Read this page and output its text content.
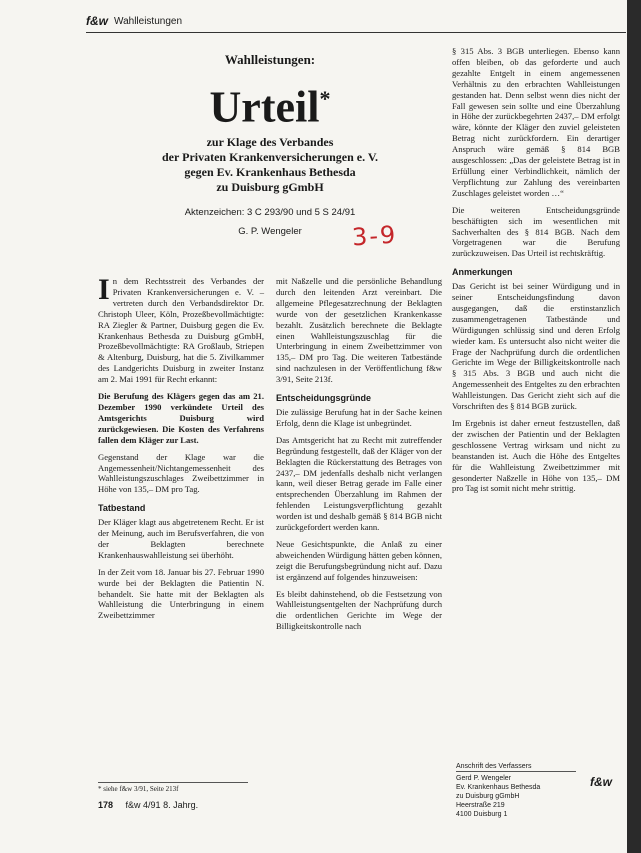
f&w Wahlleistungen
Wahlleistungen:
Urteil*
zur Klage des Verbandes
der Privaten Krankenversicherungen e. V.
gegen Ev. Krankenhaus Bethesda
zu Duisburg gGmbH
Aktenzeichen: 3 C 293/90 und 5 S 24/91
G. P. Wengeler	3-9

In dem Rechtsstreit des Verbandes der Privaten Krankenversicherungen e. V. – vertreten durch den Verbandsdirektor Dr. Christoph Uleer, Köln, Prozeßbevollmächtigte: RA Ziegler & Partner, Duisburg gegen die Ev. Krankenhaus Bethesda zu Duisburg gGmbH, Prozeßbevollmächtigte: RA Großlaub, Striepen & Altenburg, Duisburg, hat die 5. Zivilkammer des Landgerichts Duisburg in zweiter Instanz am 2. Mai 1991 für Recht erkannt:

Die Berufung des Klägers gegen das am 21. Dezember 1990 verkündete Urteil des Amtsgerichts Duisburg wird zurückgewiesen. Die Kosten des Verfahrens fallen dem Kläger zur Last.

Gegenstand der Klage war die Angemessenheit/Nichtangemessenheit des Wahlleistungszuschlages Zweibettzimmer in Höhe von 135,– DM pro Tag.

Tatbestand

Der Kläger klagt aus abgetretenem Recht. Er ist der Meinung, auch im Berufsverfahren, die von der Beklagten berechnete Krankenhauswahlleistung sei überhöht.

In der Zeit vom 18. Januar bis 27. Februar 1990 wurde bei der Beklagten die Patientin N. behandelt. Sie hatte mit der Beklagten als Wahlleistung die Unterbringung in einem Zweibettzimmer

mit Naßzelle und die persönliche Behandlung durch den leitenden Arzt vereinbart. Die allgemeine Pflegesatzrechnung der Beklagten wurde von der gesetzlichen Krankenkasse bezahlt. Zusätzlich berechnete die Beklagte einen Wahlleistungszuschlag für die Unterbringung in einem Zweibettzimmer von 135,– DM pro Tag. Die weiteren Tatbestände sind nachzulesen in der Veröffentlichung f&w 3/91, Seite 213f.

Entscheidungsgründe

Die zulässige Berufung hat in der Sache keinen Erfolg, denn die Klage ist unbegründet.

Das Amtsgericht hat zu Recht mit zutreffender Begründung festgestellt, daß der Kläger von der Beklagten die Rückerstattung des Betrages von 2437,– DM jedenfalls deshalb nicht verlangen kann, weil dieser Betrag gerade im Falle einer entsprechenden Überzahlung im Rahmen der fehlenden Leistungsverpflichtung gezahlt worden ist und deshalb gemäß § 814 BGB nicht zurückgefordert werden kann.

Neue Gesichtspunkte, die Anlaß zu einer abweichenden Würdigung hätten geben können, zeigt die Berufungsbegründung nicht auf. Dazu ist ergänzend auf folgendes hinzuweisen:

Es bleibt dahinstehend, ob die Festsetzung von Wahlleistungsentgelten der Nachprüfung durch die ordentlichen Gerichte im Wege der Billigkeitskontrolle nach

§ 315 Abs. 3 BGB unterliegen. Ebenso kann offen bleiben, ob das geforderte und auch gezahlte Entgelt in einem angemessenen Verhältnis zu den erbrachten Wahlleistungen gestanden hat. Denn selbst wenn dies nicht der Fall gewesen sein sollte und eine Überzahlung in Höhe der zurückbegehrten 2437,– DM erfolgt wäre, könnte der Kläger den zuviel geleisteten Betrag nicht zurückfordern. Ein derartiger Anspruch wäre gemäß § 814 BGB ausgeschlossen: „Das der geleistete Betrag ist in Erfüllung einer Verbindlichkeit, nämlich der Verpflichtung zur Zahlung des vereinbarten Zuschlages geleistet worden …“

Die weiteren Entscheidungsgründe beschäftigten sich im wesentlichen mit Sachverhalten des § 814 BGB. Nach dem Vorgetragenen war die Berufung zurückzuweisen. Das Urteil ist rechtskräftig.

Anmerkungen

Das Gericht ist bei seiner Würdigung und in seiner Entscheidungsfindung davon ausgegangen, daß die erstinstanzlich zusammengetragenen Tatbestände und Würdigungen schlüssig sind und deren Erfolg wieder kam. Es untersucht also nicht weiter die Frage der Nachprüfung durch die ordentlichen Gerichte im Wege der Billigkeitskontrolle nach § 315 Abs. 3 BGB und auch nicht die Angemessenheit des Entgeltes zu den erbrachten Wahlleistungen. Das Gericht zieht sich auf die Vorschriften des § 814 BGB zurück.

Im Ergebnis ist daher erneut festzustellen, daß der zwischen der Patientin und der Beklagten geschlossene Vertrag wirksam und nicht zu beanstanden ist. Auch die Höhe des Entgeltes für die Wahlleistung Zweibettzimmer mit gesonderter Naßzelle in Höhe von 135,– DM pro Tag ist somit nicht mehr strittig.

* siehe f&w 3/91, Seite 213f
178 f&w 4/91 8. Jahrg.
Anschrift des Verfassers
Gerd P. Wengeler
Ev. Krankenhaus Bethesda
zu Duisburg gGmbH
Heerstraße 219
4100 Duisburg 1
f&w
